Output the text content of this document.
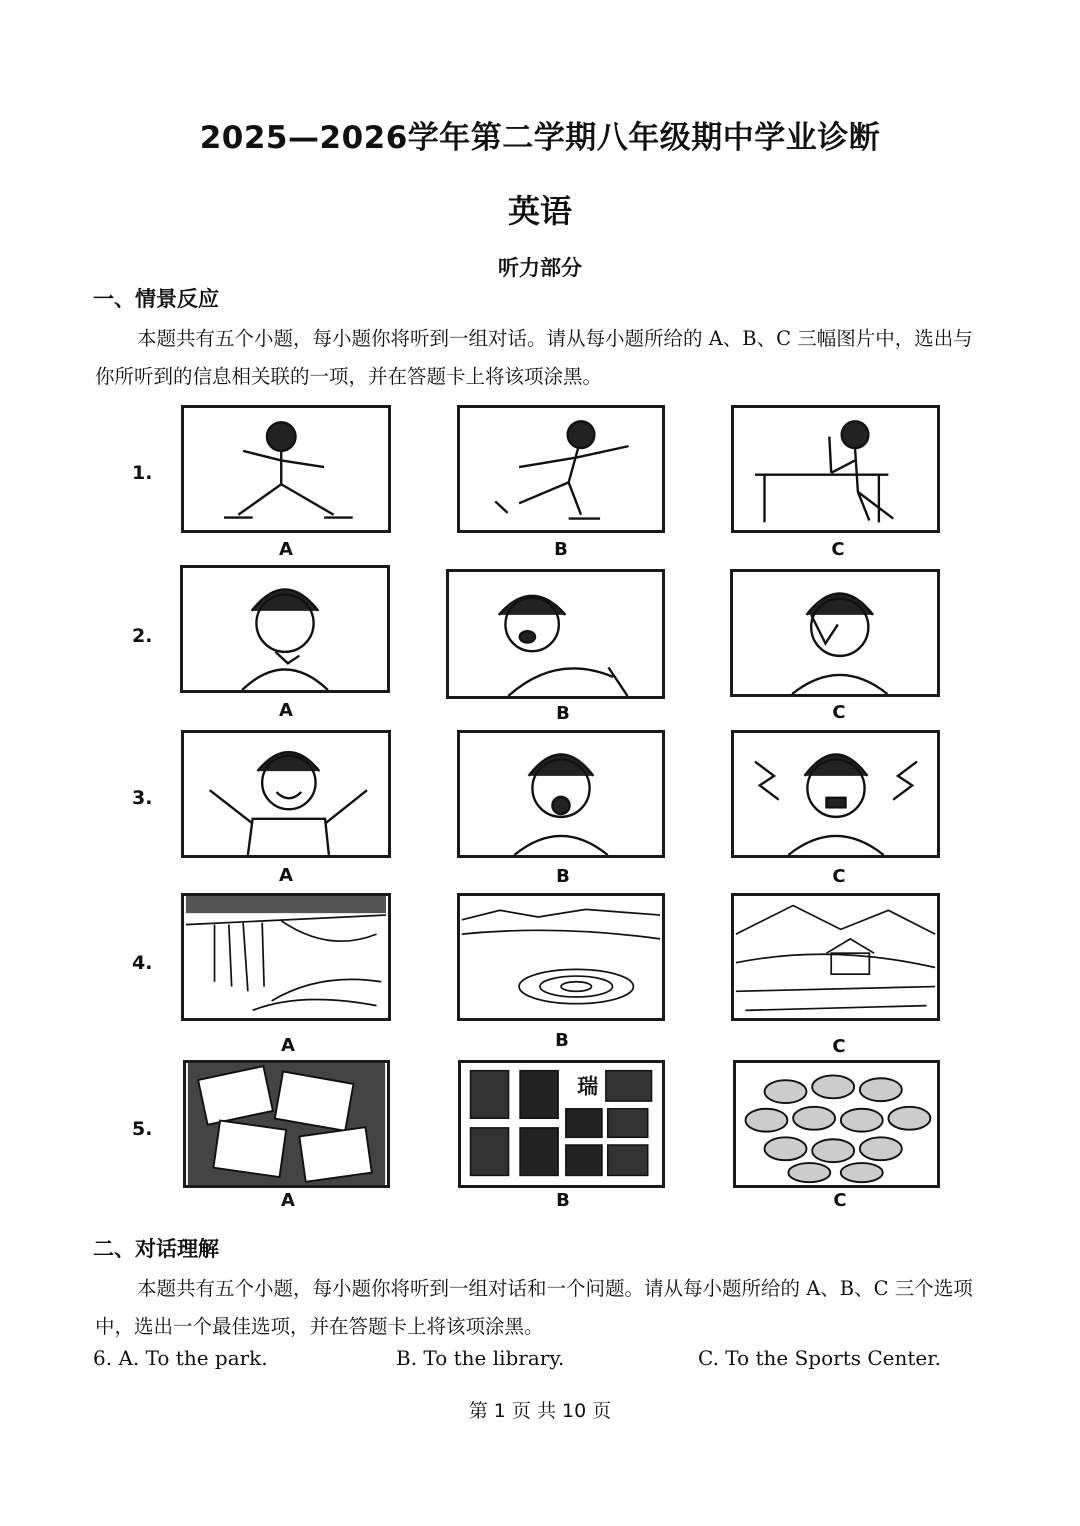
2025—2026学年第二学期八年级期中学业诊断
英语
听力部分
一、情景反应
本题共有五个小题，每小题你将听到一组对话。请从每小题所给的 A、B、C 三幅图片中，选出与你所听到的信息相关联的一项，并在答题卡上将该项涂黑。
1.
2.
3.
4.
5.
A	B	C
A	B	C
A	B	C
A	B	C
瑞
A	B	C
二、对话理解
本题共有五个小题，每小题你将听到一组对话和一个问题。请从每小题所给的 A、B、C 三个选项中，选出一个最佳选项，并在答题卡上将该项涂黑。
6. A. To the park.	B. To the library.	C. To the Sports Center.
第 1 页 共 10 页
